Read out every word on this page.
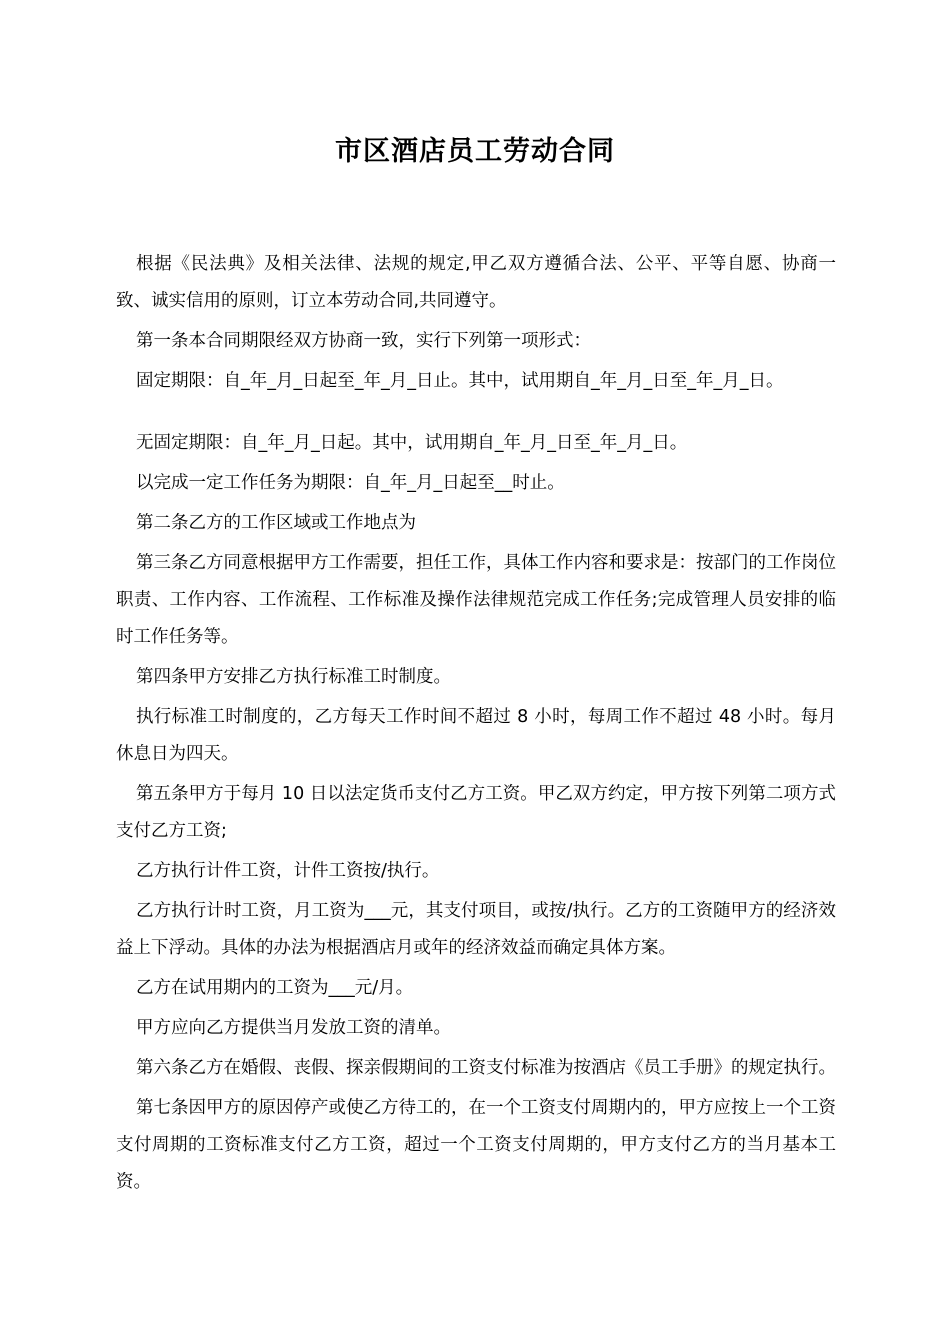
市区酒店员工劳动合同

根据《民法典》及相关法律、法规的规定,甲乙双方遵循合法、公平、平等自愿、协商一致、诚实信用的原则，订立本劳动合同,共同遵守。

第一条本合同期限经双方协商一致，实行下列第一项形式：

固定期限：自_年_月_日起至_年_月_日止。其中，试用期自_年_月_日至_年_月_日。

无固定期限：自_年_月_日起。其中，试用期自_年_月_日至_年_月_日。

以完成一定工作任务为期限：自_年_月_日起至__时止。

第二条乙方的工作区域或工作地点为

第三条乙方同意根据甲方工作需要，担任工作，具体工作内容和要求是：按部门的工作岗位职责、工作内容、工作流程、工作标准及操作法律规范完成工作任务;完成管理人员安排的临时工作任务等。

第四条甲方安排乙方执行标准工时制度。

执行标准工时制度的，乙方每天工作时间不超过 8 小时，每周工作不超过 48 小时。每月休息日为四天。

第五条甲方于每月 10 日以法定货币支付乙方工资。甲乙双方约定，甲方按下列第二项方式支付乙方工资;

乙方执行计件工资，计件工资按/执行。

乙方执行计时工资，月工资为___元，其支付项目，或按/执行。乙方的工资随甲方的经济效益上下浮动。具体的办法为根据酒店月或年的经济效益而确定具体方案。

乙方在试用期内的工资为___元/月。

甲方应向乙方提供当月发放工资的清单。

第六条乙方在婚假、丧假、探亲假期间的工资支付标准为按酒店《员工手册》的规定执行。

第七条因甲方的原因停产或使乙方待工的，在一个工资支付周期内的，甲方应按上一个工资支付周期的工资标准支付乙方工资，超过一个工资支付周期的，甲方支付乙方的当月基本工资。
